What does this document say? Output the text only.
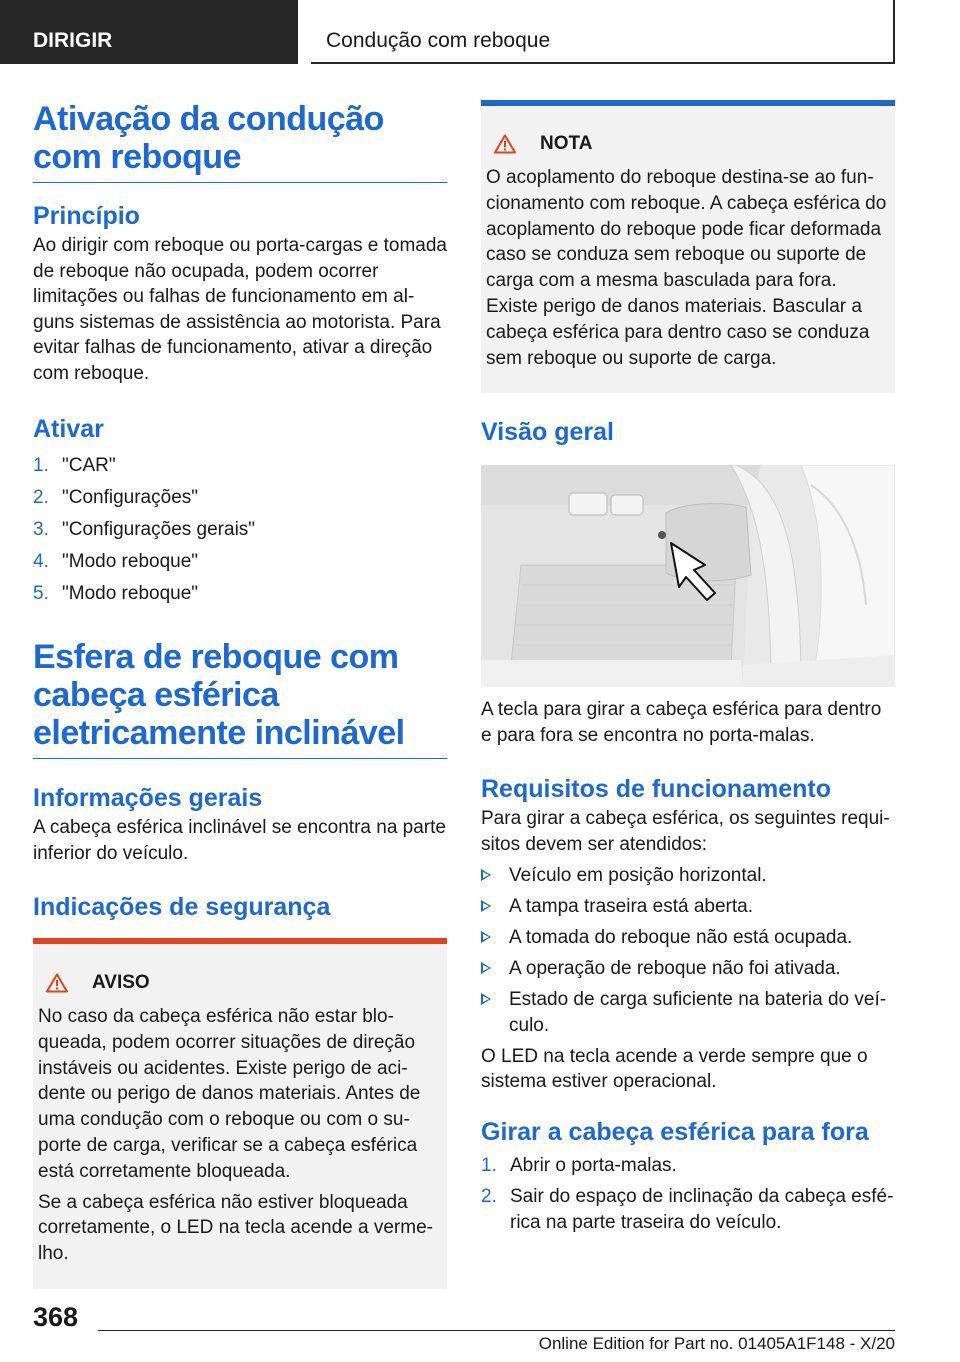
DIRIGIR	Condução com reboque
Ativação da condução com reboque
Princípio

Ao dirigir com reboque ou porta-cargas e tomada de reboque não ocupada, podem ocorrer limitações ou falhas de funcionamento em alguns sistemas de assistência ao motorista. Para evitar falhas de funcionamento, ativar a direção com reboque.

Ativar
1. "CAR"
2. "Configurações"
3. "Configurações gerais"
4. "Modo reboque"
5. "Modo reboque"
Esfera de reboque com cabeça esférica eletricamente inclinável
Informações gerais

A cabeça esférica inclinável se encontra na parte inferior do veículo.

Indicações de segurança
AVISO

No caso da cabeça esférica não estar bloqueada, podem ocorrer situações de direção instáveis ou acidentes. Existe perigo de acidente ou perigo de danos materiais. Antes de uma condução com o reboque ou com o suporte de carga, verificar se a cabeça esférica está corretamente bloqueada.

Se a cabeça esférica não estiver bloqueada corretamente, o LED na tecla acende a vermelho.

NOTA

O acoplamento do reboque destina-se ao funcionamento com reboque. A cabeça esférica do acoplamento do reboque pode ficar deformada caso se conduza sem reboque ou suporte de carga com a mesma basculada para fora. Existe perigo de danos materiais. Bascular a cabeça esférica para dentro caso se conduza sem reboque ou suporte de carga.

Visão geral

A tecla para girar a cabeça esférica para dentro e para fora se encontra no porta-malas.

Requisitos de funcionamento

Para girar a cabeça esférica, os seguintes requisitos devem ser atendidos:

Veículo em posição horizontal.
A tampa traseira está aberta.
A tomada do reboque não está ocupada.
A operação de reboque não foi ativada.
Estado de carga suficiente na bateria do veículo.

O LED na tecla acende a verde sempre que o sistema estiver operacional.

Girar a cabeça esférica para fora
1. Abrir o porta-malas.
2. Sair do espaço de inclinação da cabeça esférica na parte traseira do veículo.
368
Online Edition for Part no. 01405A1F148 - X/20
